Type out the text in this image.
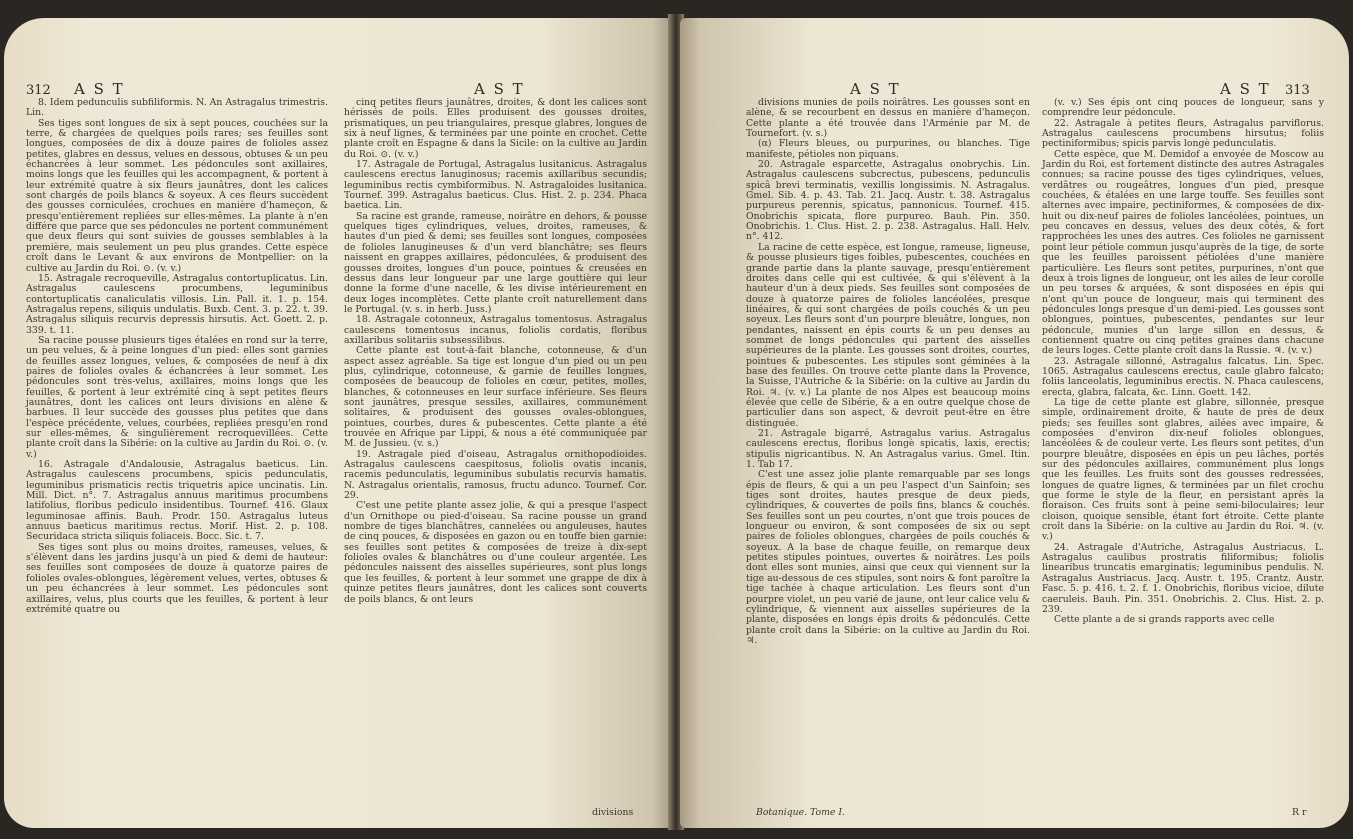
312 A S T	A S T

8. Idem pedunculis subfiliformis. N. An Astragalus trimestris. Lin.

Ses tiges sont longues de six à sept pouces, couchées sur la terre, & chargées de quelques poils rares; ses feuilles sont longues, composées de dix à douze paires de folioles assez petites, glabres en dessus, velues en dessous, obtuses & un peu échancrées à leur sommet. Les pédoncules sont axillaires, moins longs que les feuilles qui les accompagnent, & portent à leur extrémité quatre à six fleurs jaunâtres, dont les calices sont chargés de poils blancs & soyeux. A ces fleurs succèdent des gousses corniculées, crochues en manière d'hameçon, & presqu'entièrement repliées sur elles-mêmes. La plante à n'en différe que parce que ses pédoncules ne portent communément que deux fleurs qui sont suivies de gousses semblables à la première, mais seulement un peu plus grandes. Cette espèce croît dans le Levant & aux environs de Montpellier: on la cultive au Jardin du Roi. ⊙. (v. v.)

15. Astragale recroqueville, Astragalus contortuplicatus. Lin. Astragalus caulescens procumbens, leguminibus contortuplicatis canaliculatis villosis. Lin. Pall. it. 1. p. 154. Astragalus repens, siliquis undulatis. Buxb. Cent. 3. p. 22. t. 39. Astragalus siliquis recurvis depressis hirsutis. Act. Goett. 2. p. 339. t. 11.

Sa racine pousse plusieurs tiges étalées en rond sur la terre, un peu velues, & à peine longues d'un pied: elles sont garnies de feuilles assez longues, velues, & composées de neuf à dix paires de folioles ovales & échancrées à leur sommet. Les pédoncules sont très-velus, axillaires, moins longs que les feuilles, & portent à leur extrémité cinq à sept petites fleurs jaunâtres, dont les calices ont leurs divisions en alène & barbues. Il leur succède des gousses plus petites que dans l'espèce précédente, velues, courbées, repliées presqu'en rond sur elles-mêmes, & singulièrement recroquevillées. Cette plante croît dans la Sibérie: on la cultive au Jardin du Roi. ⊙. (v. v.)

16. Astragale d'Andalousie, Astragalus baeticus. Lin. Astragalus caulescens procumbens, spicis pedunculatis, leguminibus prismaticis rectis triquetris apice uncinatis. Lin. Mill. Dict. n°. 7. Astragalus annuus maritimus procumbens latifolius, floribus pediculo insidentibus. Tournef. 416. Glaux leguminosae affinis. Bauh. Prodr. 150. Astragalus luteus annuus baeticus maritimus rectus. Morif. Hist. 2. p. 108. Securidaca stricta siliquis foliaceis. Bocc. Sic. t. 7.

Ses tiges sont plus ou moins droites, rameuses, velues, & s'élèvent dans les jardins jusqu'à un pied & demi de hauteur: ses feuilles sont composées de douze à quatorze paires de folioles ovales-oblongues, légèrement velues, vertes, obtuses & un peu échancrées à leur sommet. Les pédoncules sont axillaires, velus, plus courts que les feuilles, & portent à leur extrémité quatre ou

cinq petites fleurs jaunâtres, droites, & dont les calices sont hérissés de poils. Elles produisent des gousses droites, prismatiques, un peu triangulaires, presque glabres, longues de six à neuf lignes, & terminées par une pointe en crochet. Cette plante croît en Espagne & dans la Sicile: on la cultive au Jardin du Roi. ⊙. (v. v.)

17. Astragale de Portugal, Astragalus lusitanicus. Astragalus caulescens erectus lanuginosus; racemis axillaribus secundis; leguminibus rectis cymbiformibus. N. Astragaloides lusitanica. Tournef. 399. Astragalus baeticus. Clus. Hist. 2. p. 234. Phaca baetica. Lin.

Sa racine est grande, rameuse, noirâtre en dehors, & pousse quelques tiges cylindriques, velues, droites, rameuses, & hautes d'un pied & demi; ses feuilles sont longues, composées de folioles lanugineuses & d'un verd blanchâtre; ses fleurs naissent en grappes axillaires, pédonculées, & produisent des gousses droites, longues d'un pouce, pointues & creusées en dessus dans leur longueur par une large gouttière qui leur donne la forme d'une nacelle, & les divise intérieurement en deux loges incomplètes. Cette plante croît naturellement dans le Portugal. (v. s. in herb. Juss.)

18. Astragale cotonneux, Astragalus tomentosus. Astragalus caulescens tomentosus incanus, foliolis cordatis, floribus axillaribus solitariis subsessilibus.

Cette plante est tout-à-fait blanche, cotonneuse, & d'un aspect assez agréable. Sa tige est longue d'un pied ou un peu plus, cylindrique, cotonneuse, & garnie de feuilles longues, composées de beaucoup de folioles en cœur, petites, molles, blanches, & cotonneuses en leur surface inférieure. Ses fleurs sont jaunâtres, presque sessiles, axillaires, communément solitaires, & produisent des gousses ovales-oblongues, pointues, courbes, dures & pubescentes. Cette plante a été trouvée en Afrique par Lippi, & nous a été communiquée par M. de Jussieu. (v. s.)

19. Astragale pied d'oiseau, Astragalus ornithopodioides. Astragalus caulescens caespitosus, foliolis ovatis incanis, racemis pedunculatis, leguminibus subulatis recurvis hamatis. N. Astragalus orientalis, ramosus, fructu adunco. Tournef. Cor. 29.

C'est une petite plante assez jolie, & qui a presque l'aspect d'un Ornithope ou pied-d'oiseau. Sa racine pousse un grand nombre de tiges blanchâtres, cannelées ou anguleuses, hautes de cinq pouces, & disposées en gazon ou en touffe bien garnie: ses feuilles sont petites & composées de treize à dix-sept folioles ovales & blanchâtres ou d'une couleur argentée. Les pédoncules naissent des aisselles supérieures, sont plus longs que les feuilles, & portent à leur sommet une grappe de dix à quinze petites fleurs jaunâtres, dont les calices sont couverts de poils blancs, & ont leurs

divisions
A S T	A S T 313

divisions munies de poils noirâtres. Les gousses sont en alène, & se recourbent en dessus en manière d'hameçon. Cette plante a été trouvée dans l'Arménie par M. de Tournefort. (v. s.)

(α) Fleurs bleues, ou purpurines, ou blanches. Tige manifeste, pétioles non piquans.

20. Astragale esparcette, Astragalus onobrychis. Lin. Astragalus caulescens subcrectus, pubescens, pedunculis spicâ brevi terminatis, vexillis longissimis. N. Astragalus. Gmel. Sib. 4. p. 43. Tab. 21. Jacq. Austr. t. 38. Astragalus purpureus perennis, spicatus, pannonicus. Tournef. 415. Onobrichis spicata, flore purpureo. Bauh. Pin. 350. Onobrichis. 1. Clus. Hist. 2. p. 238. Astragalus. Hall. Helv. n°. 412.

La racine de cette espèce, est longue, rameuse, ligneuse, & pousse plusieurs tiges foibles, pubescentes, couchées en grande partie dans la plante sauvage, presqu'entièrement droites dans celle qui est cultivée, & qui s'élèvent à la hauteur d'un à deux pieds. Ses feuilles sont composées de douze à quatorze paires de folioles lancéolées, presque linéaires, & qui sont chargées de poils couchés & un peu soyeux. Les fleurs sont d'un pourpre bleuâtre, longues, non pendantes, naissent en épis courts & un peu denses au sommet de longs pédoncules qui partent des aisselles supérieures de la plante. Les gousses sont droites, courtes, pointues & pubescentes. Les stipules sont géminées à la base des feuilles. On trouve cette plante dans la Provence, la Suisse, l'Autriche & la Sibérie: on la cultive au Jardin du Roi. ♃. (v. v.) La plante de nos Alpes est beaucoup moins élevée que celle de Sibérie, & a en outre quelque chose de particulier dans son aspect, & devroit peut-être en être distinguée.

21. Astragale bigarré, Astragalus varius. Astragalus caulescens erectus, floribus longè spicatis, laxis, erectis; stipulis nigricantibus. N. An Astragalus varius. Gmel. Itin. 1. Tab 17.

C'est une assez jolie plante remarquable par ses longs épis de fleurs, & qui a un peu l'aspect d'un Sainfoin; ses tiges sont droites, hautes presque de deux pieds, cylindriques, & couvertes de poils fins, blancs & couchés. Ses feuilles sont un peu courtes, n'ont que trois pouces de longueur ou environ, & sont composées de six ou sept paires de folioles oblongues, chargées de poils couchés & soyeux. A la base de chaque feuille, on remarque deux petites stipules pointues, ouvertes & noirâtres. Les poils dont elles sont munies, ainsi que ceux qui viennent sur la tige au-dessous de ces stipules, sont noirs & font paroître la tige tachée à chaque articulation. Les fleurs sont d'un pourpre violet, un peu varié de jaune, ont leur calice velu & cylindrique, & viennent aux aisselles supérieures de la plante, disposées en longs épis droits & pédonculés. Cette plante croît dans la Sibérie: on la cultive au Jardin du Roi. ♃.

(v. v.) Ses épis ont cinq pouces de longueur, sans y comprendre leur pédoncule.

22. Astragale à petites fleurs, Astragalus parviflorus. Astragalus caulescens procumbens hirsutus; foliis pectiniformibus; spicis parvis longè pedunculatis.

Cette espèce, que M. Demidof a envoyée de Moscow au Jardin du Roi, est fortement distincte des autres Astragales connues; sa racine pousse des tiges cylindriques, velues, verdâtres ou rougeâtres, longues d'un pied, presque couchées, & étalées en une large touffe. Ses feuilles sont alternes avec impaire, pectiniformes, & composées de dix-huit ou dix-neuf paires de folioles lancéolées, pointues, un peu concaves en dessus, velues des deux côtés, & fort rapprochées les unes des autres. Ces folioles ne garnissent point leur pétiole commun jusqu'auprès de la tige, de sorte que les feuilles paroissent pétiolées d'une manière particulière. Les fleurs sont petites, purpurines, n'ont que deux à trois lignes de longueur, ont les ailes de leur corolle un peu torses & arquées, & sont disposées en épis qui n'ont qu'un pouce de longueur, mais qui terminent des pédoncules longs presque d'un demi-pied. Les gousses sont oblongues, pointues, pubescentes, pendantes sur leur pédoncule, munies d'un large sillon en dessus, & contiennent quatre ou cinq petites graines dans chacune de leurs loges. Cette plante croît dans la Russie. ♃. (v. v.)

23. Astragale sillonné, Astragalus falcatus. Lin. Spec. 1065. Astragalus caulescens erectus, caule glabro falcato; foliis lanceolatis, leguminibus erectis. N. Phaca caulescens, erecta, glabra, falcata, &c. Linn. Goett. 142.

La tige de cette plante est glabre, sillonnée, presque simple, ordinairement droite, & haute de près de deux pieds; ses feuilles sont glabres, ailées avec impaire, & composées d'environ dix-neuf folioles oblongues, lancéolées & de couleur verte. Les fleurs sont petites, d'un pourpre bleuâtre, disposées en épis un peu lâches, portés sur des pédoncules axillaires, communément plus longs que les feuilles. Les fruits sont des gousses redressées, longues de quatre lignes, & terminées par un filet crochu que forme le style de la fleur, en persistant après la floraison. Ces fruits sont à peine semi-biloculaires; leur cloison, quoique sensible, étant fort étroite. Cette plante croît dans la Sibérie: on la cultive au Jardin du Roi. ♃. (v. v.)

24. Astragale d'Autriche, Astragalus Austriacus. L. Astragalus caulibus prostratis filiformibus; foliolis linearibus truncatis emarginatis; leguminibus pendulis. N. Astragalus Austriacus. Jacq. Austr. t. 195. Crantz. Austr. Fasc. 5. p. 416. t. 2. f. 1. Onobrichis, floribus vicioe, dilute caeruleis. Bauh. Pin. 351. Onobrichis. 2. Clus. Hist. 2. p. 239.

Cette plante a de si grands rapports avec celle

Botanique. Tome I.	R r
